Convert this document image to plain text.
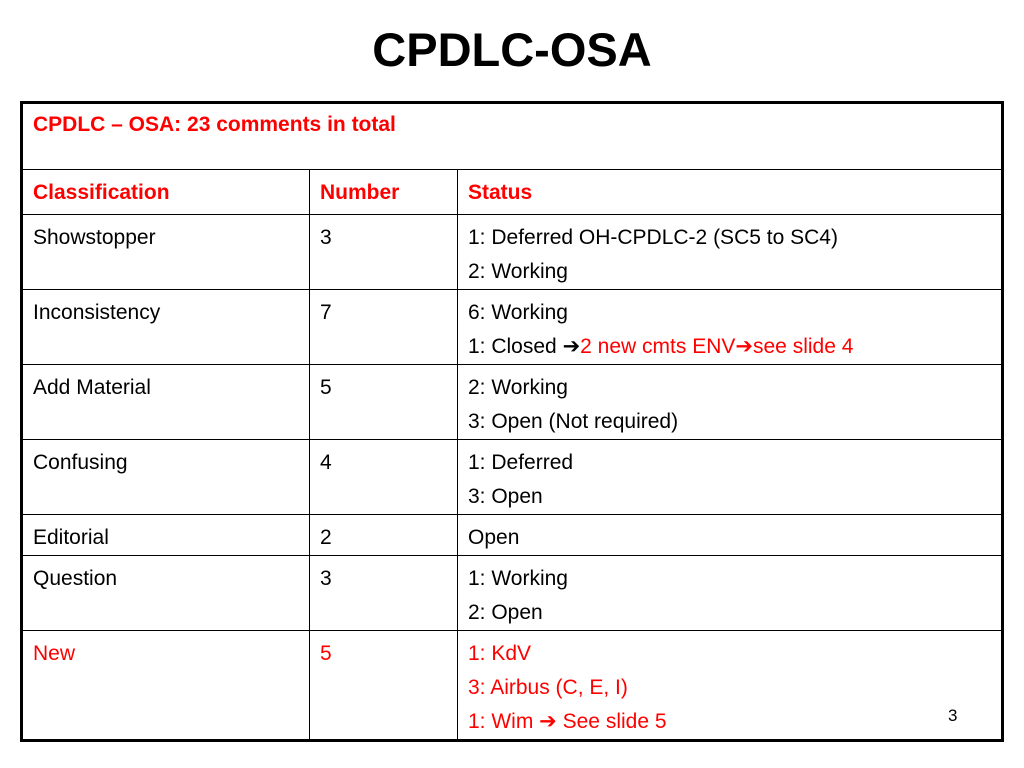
CPDLC-OSA
CPDLC – OSA: 23 comments in total		
Classification	Number	Status
Showstopper	3	1: Deferred OH-CPDLC-2 (SC5 to SC4)
2: Working

Inconsistency	7	6: Working
1: Closed ➔2 new cmts ENV➔see slide 4

Add Material	5	2: Working
3: Open (Not required)

Confusing	4	1: Deferred
3: Open

Editorial	2	Open

Question	3	1: Working
2: Open

New	5	1: KdV
3: Airbus (C, E, I)
1: Wim ➔ See slide 5	3
